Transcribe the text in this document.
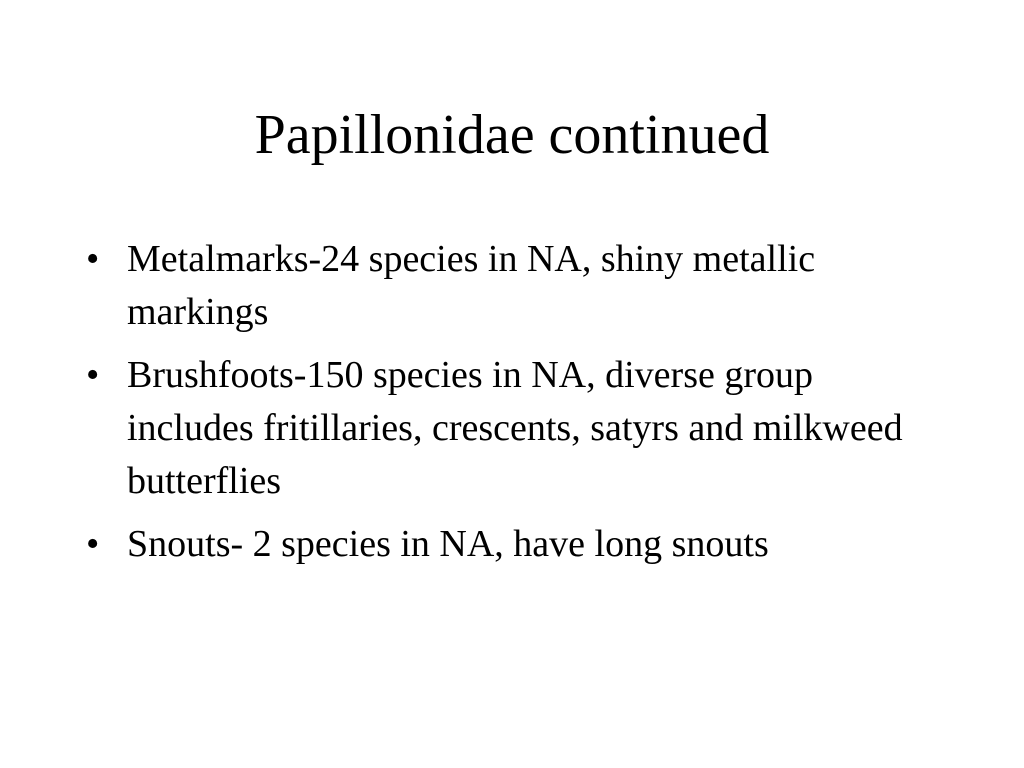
Papillonidae continued
• Metalmarks-24 species in NA, shiny metallic markings
• Brushfoots-150 species in NA, diverse group includes fritillaries, crescents, satyrs and milkweed butterflies
• Snouts- 2 species in NA, have long snouts
